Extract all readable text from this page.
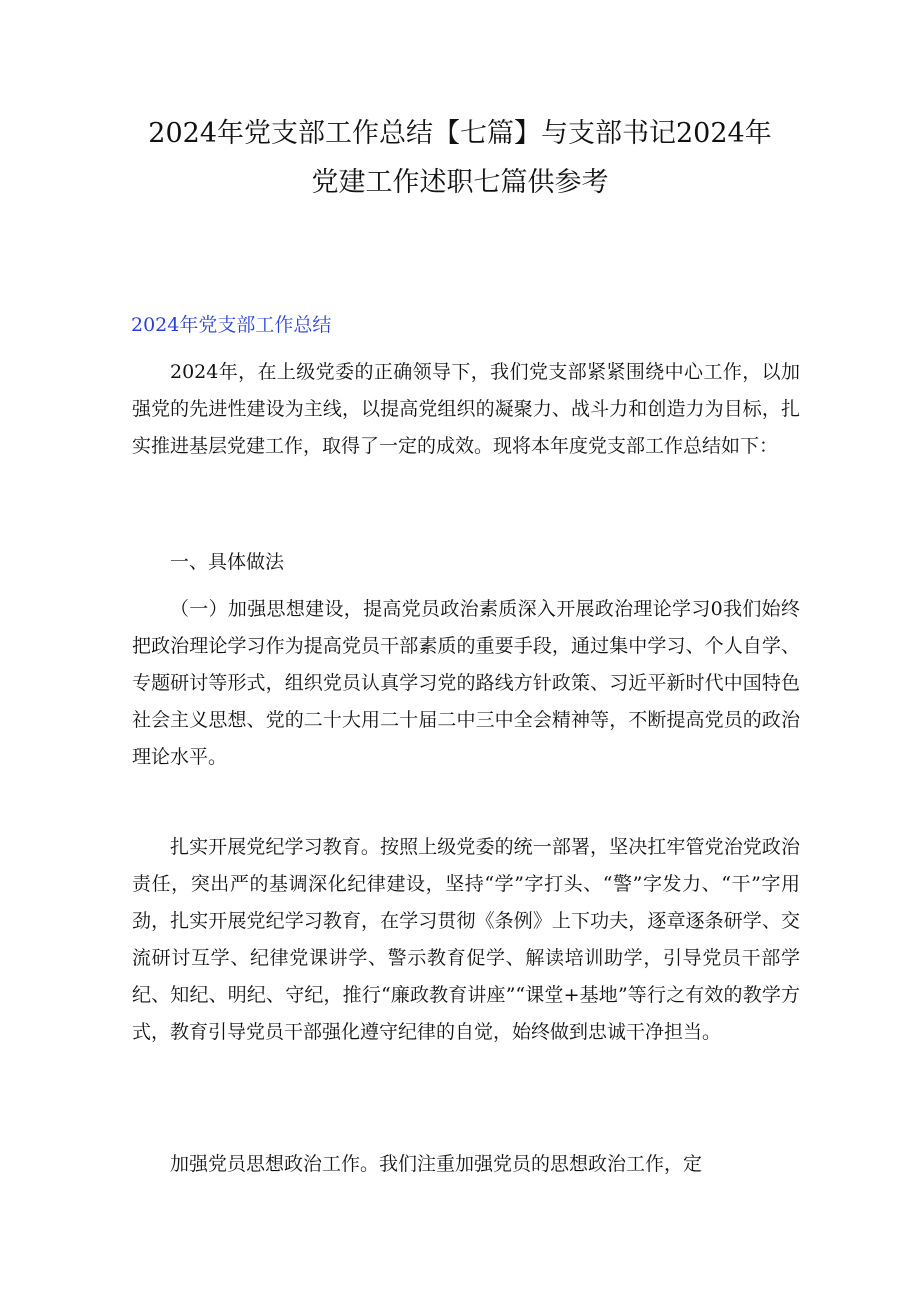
2024年党支部工作总结【七篇】与支部书记2024年
党建工作述职七篇供参考
2024年党支部工作总结

2024年，在上级党委的正确领导下，我们党支部紧紧围绕中心工作，以加强党的先进性建设为主线，以提高党组织的凝聚力、战斗力和创造力为目标，扎实推进基层党建工作，取得了一定的成效。现将本年度党支部工作总结如下：

一、具体做法

（一）加强思想建设，提高党员政治素质深入开展政治理论学习0我们始终把政治理论学习作为提高党员干部素质的重要手段，通过集中学习、个人自学、专题研讨等形式，组织党员认真学习党的路线方针政策、习近平新时代中国特色社会主义思想、党的二十大用二十届二中三中全会精神等，不断提高党员的政治理论水平。

扎实开展党纪学习教育。按照上级党委的统一部署，坚决扛牢管党治党政治责任，突出严的基调深化纪律建设，坚持“学”字打头、“警”字发力、“干”字用劲，扎实开展党纪学习教育，在学习贯彻《条例》上下功夫，逐章逐条研学、交流研讨互学、纪律党课讲学、警示教育促学、解读培训助学，引导党员干部学纪、知纪、明纪、守纪，推行“廉政教育讲座”“课堂+基地”等行之有效的教学方式，教育引导党员干部强化遵守纪律的自觉，始终做到忠诚干净担当。

加强党员思想政治工作。我们注重加强党员的思想政治工作，定
